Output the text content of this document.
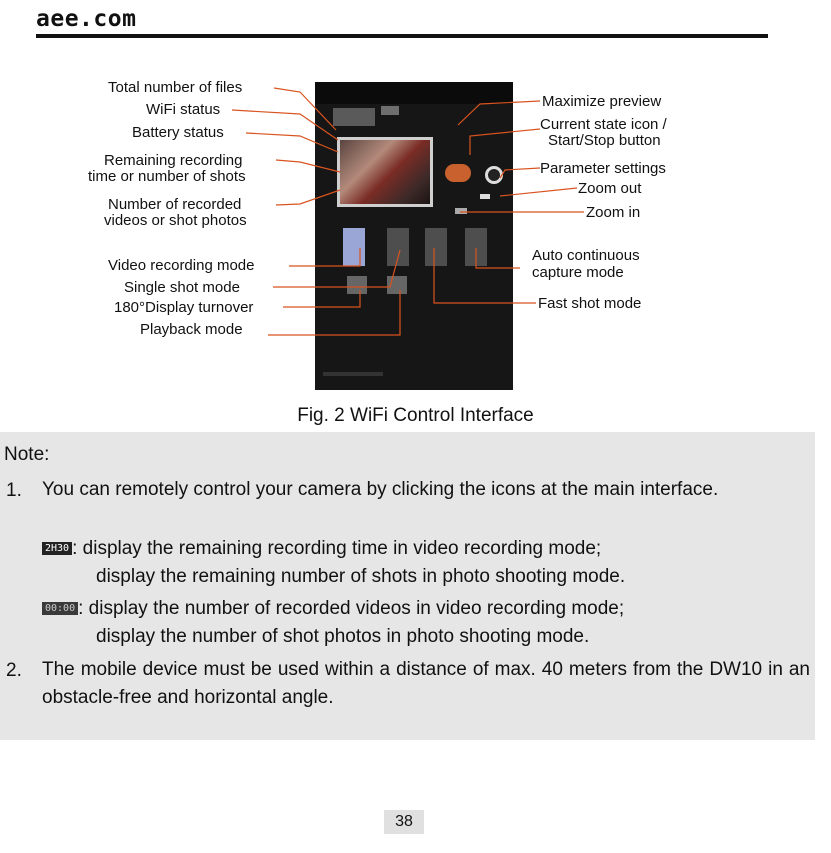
aee.com
Total number of files
WiFi status
Battery status
Remaining recording
time or number of shots
Number of recorded
videos or shot photos
Video recording mode
Single shot mode
180°Display turnover
Playback mode
Maximize preview
Current state icon /
Start/Stop button
Parameter settings
Zoom out
Zoom in
Auto continuous
capture mode
Fast shot mode
Fig. 2 WiFi Control Interface
Note:
1. You can remotely control your camera by clicking the icons at the main interface.
2H30 : display the remaining recording time in video recording mode;
display the remaining number of shots in photo shooting mode.
00:00 : display the number of recorded videos in video recording mode;
display the number of shot photos in photo shooting mode.
2. The mobile device must be used within a distance of max. 40 meters from the DW10 in an obstacle-free and horizontal angle.
38
